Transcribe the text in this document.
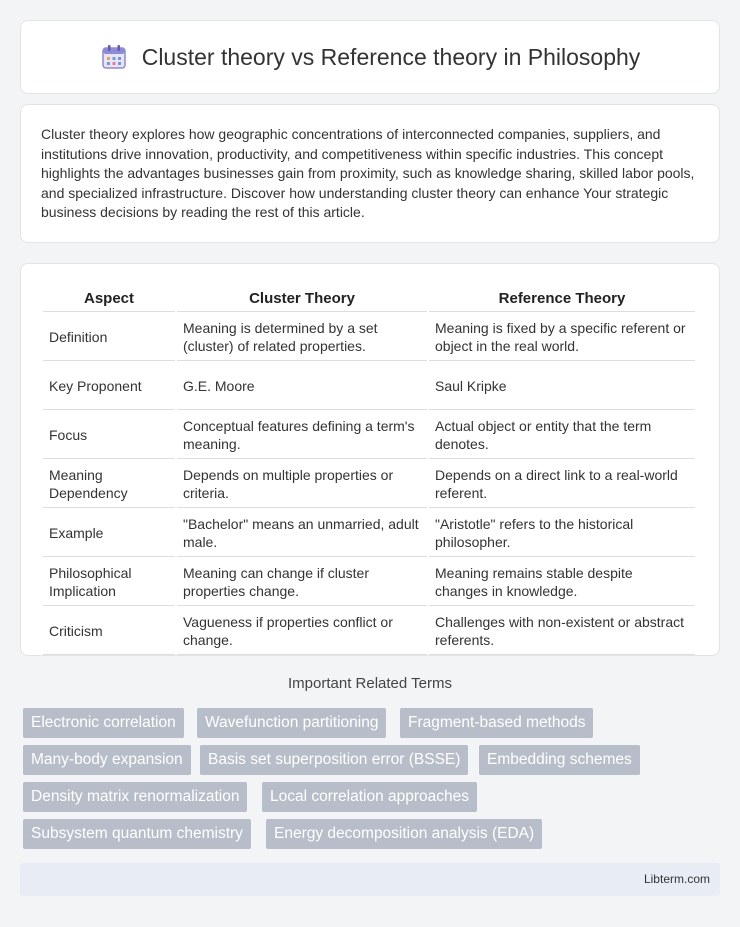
Cluster theory vs Reference theory in Philosophy

Cluster theory explores how geographic concentrations of interconnected companies, suppliers, and institutions drive innovation, productivity, and competitiveness within specific industries. This concept highlights the advantages businesses gain from proximity, such as knowledge sharing, skilled labor pools, and specialized infrastructure. Discover how understanding cluster theory can enhance Your strategic business decisions by reading the rest of this article.

Aspect	Cluster Theory	Reference Theory
Definition	Meaning is determined by a set (cluster) of related properties.	Meaning is fixed by a specific referent or object in the real world.
Key Proponent	G.E. Moore	Saul Kripke
Focus	Conceptual features defining a term's meaning.	Actual object or entity that the term denotes.
Meaning Dependency	Depends on multiple properties or criteria.	Depends on a direct link to a real-world referent.
Example	"Bachelor" means an unmarried, adult male.	"Aristotle" refers to the historical philosopher.
Philosophical Implication	Meaning can change if cluster properties change.	Meaning remains stable despite changes in knowledge.
Criticism	Vagueness if properties conflict or change.	Challenges with non-existent or abstract referents.
Important Related Terms
Electronic correlation	Wavefunction partitioning	Fragment-based methods
Many-body expansion	Basis set superposition error (BSSE)	Embedding schemes
Density matrix renormalization	Local correlation approaches
Subsystem quantum chemistry	Energy decomposition analysis (EDA)
Libterm.com
